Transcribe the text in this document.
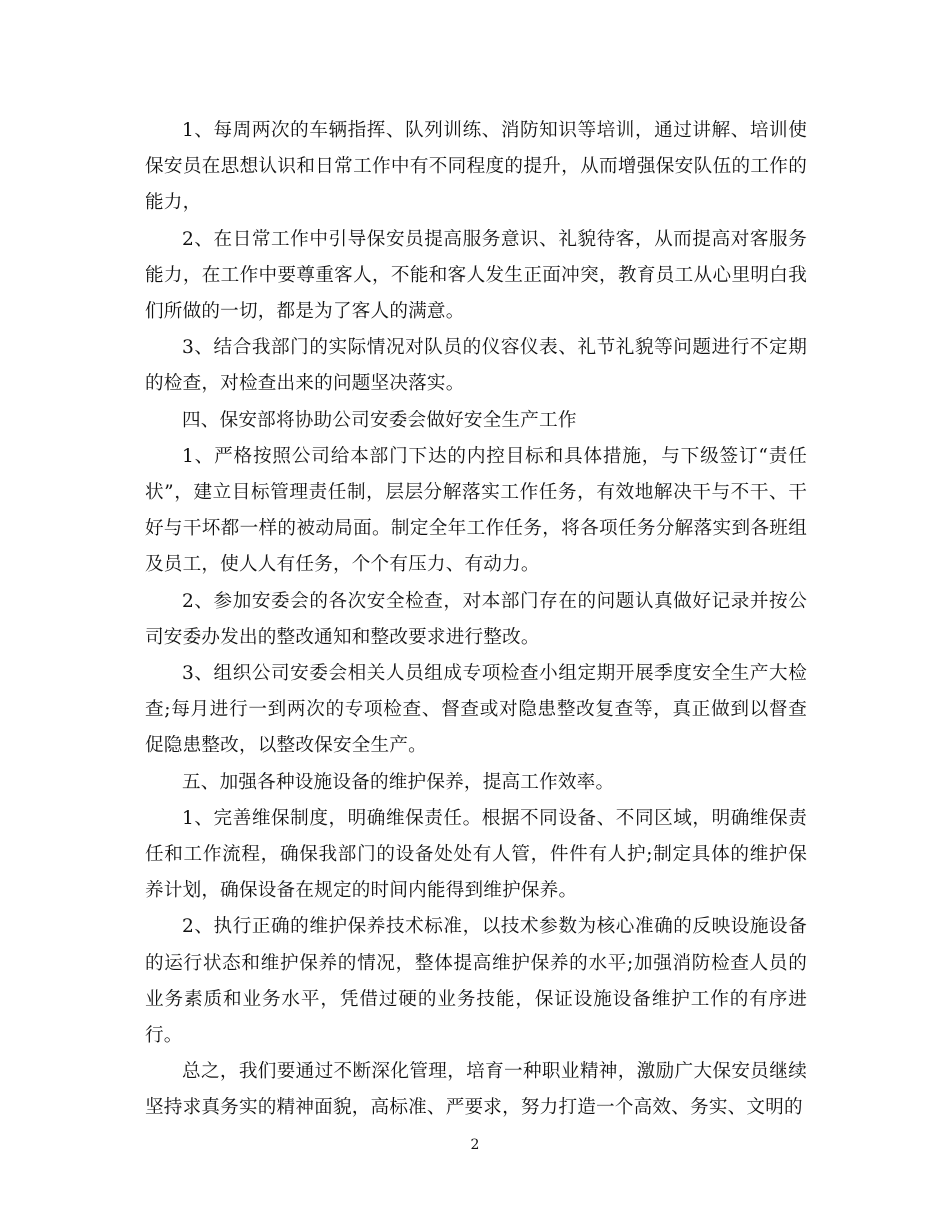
1、每周两次的车辆指挥、队列训练、消防知识等培训，通过讲解、培训使保安员在思想认识和日常工作中有不同程度的提升，从而增强保安队伍的工作的能力，

2、在日常工作中引导保安员提高服务意识、礼貌待客，从而提高对客服务能力，在工作中要尊重客人，不能和客人发生正面冲突，教育员工从心里明白我们所做的一切，都是为了客人的满意。

3、结合我部门的实际情况对队员的仪容仪表、礼节礼貌等问题进行不定期的检查，对检查出来的问题坚决落实。

四、保安部将协助公司安委会做好安全生产工作

1、严格按照公司给本部门下达的内控目标和具体措施，与下级签订“责任状”，建立目标管理责任制，层层分解落实工作任务，有效地解决干与不干、干好与干坏都一样的被动局面。制定全年工作任务，将各项任务分解落实到各班组及员工，使人人有任务，个个有压力、有动力。

2、参加安委会的各次安全检查，对本部门存在的问题认真做好记录并按公司安委办发出的整改通知和整改要求进行整改。

3、组织公司安委会相关人员组成专项检查小组定期开展季度安全生产大检查;每月进行一到两次的专项检查、督查或对隐患整改复查等，真正做到以督查促隐患整改，以整改保安全生产。

五、加强各种设施设备的维护保养，提高工作效率。

1、完善维保制度，明确维保责任。根据不同设备、不同区域，明确维保责任和工作流程，确保我部门的设备处处有人管，件件有人护;制定具体的维护保养计划，确保设备在规定的时间内能得到维护保养。

2、执行正确的维护保养技术标准，以技术参数为核心准确的反映设施设备的运行状态和维护保养的情况，整体提高维护保养的水平;加强消防检查人员的业务素质和业务水平，凭借过硬的业务技能，保证设施设备维护工作的有序进行。

总之，我们要通过不断深化管理，培育一种职业精神，激励广大保安员继续坚持求真务实的精神面貌，高标准、严要求，努力打造一个高效、务实、文明的

2
